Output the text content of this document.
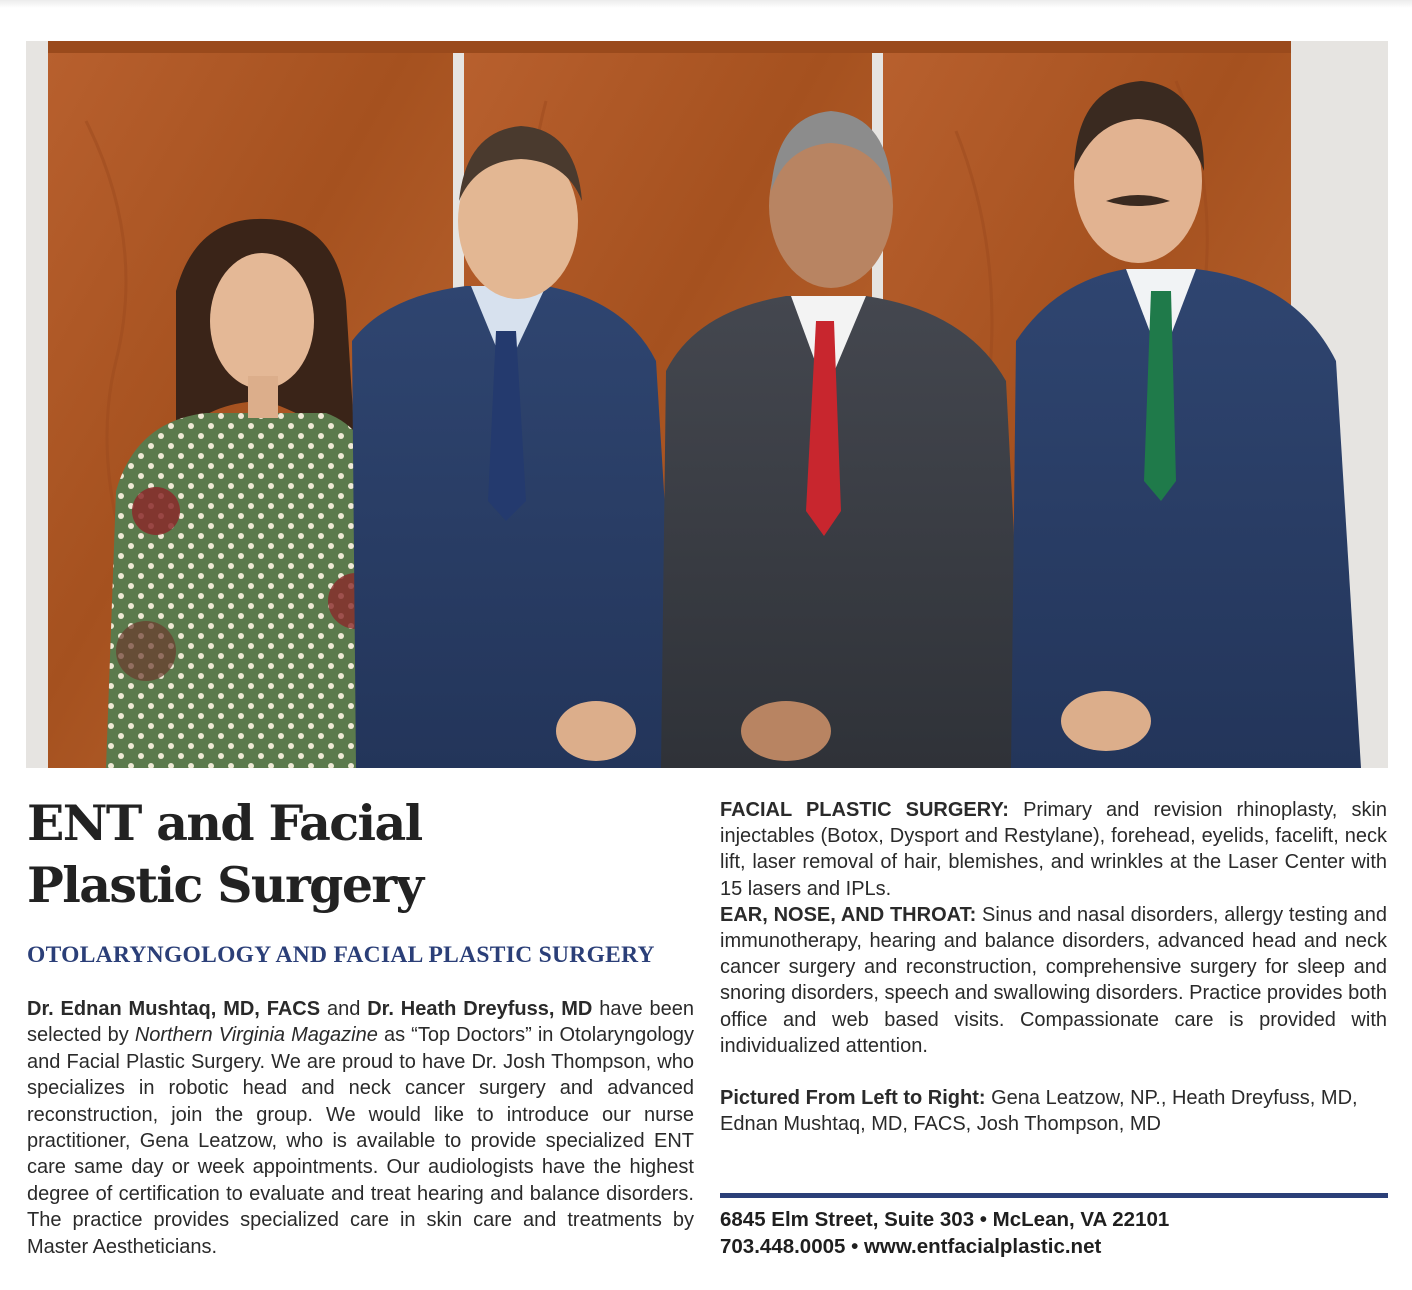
ENT and Facial
Plastic Surgery
OTOLARYNGOLOGY AND FACIAL PLASTIC SURGERY

Dr. Ednan Mushtaq, MD, FACS and Dr. Heath Dreyfuss, MD have been selected by Northern Virginia Magazine as “Top Doctors” in Otolaryngology and Facial Plastic Surgery. We are proud to have Dr. Josh Thompson, who specializes in robotic head and neck cancer surgery and advanced reconstruction, join the group. We would like to introduce our nurse practitioner, Gena Leatzow, who is available to provide specialized ENT care same day or week appointments. Our audiologists have the highest degree of certification to evaluate and treat hearing and balance disorders. The practice provides specialized care in skin care and treatments by Master Aestheticians.

FACIAL PLASTIC SURGERY: Primary and revision rhinoplasty, skin injectables (Botox, Dysport and Restylane), forehead, eyelids, facelift, neck lift, laser removal of hair, blemishes, and wrinkles at the Laser Center with 15 lasers and IPLs.

EAR, NOSE, AND THROAT: Sinus and nasal disorders, allergy testing and immunotherapy, hearing and balance disorders, advanced head and neck cancer surgery and reconstruction, comprehensive surgery for sleep and snoring disorders, speech and swallowing disorders. Practice provides both office and web based visits. Compassionate care is provided with individualized attention.

Pictured From Left to Right: Gena Leatzow, NP., Heath Dreyfuss, MD, Ednan Mushtaq, MD, FACS, Josh Thompson, MD

6845 Elm Street, Suite 303 • McLean, VA 22101
703.448.0005 • www.entfacialplastic.net
